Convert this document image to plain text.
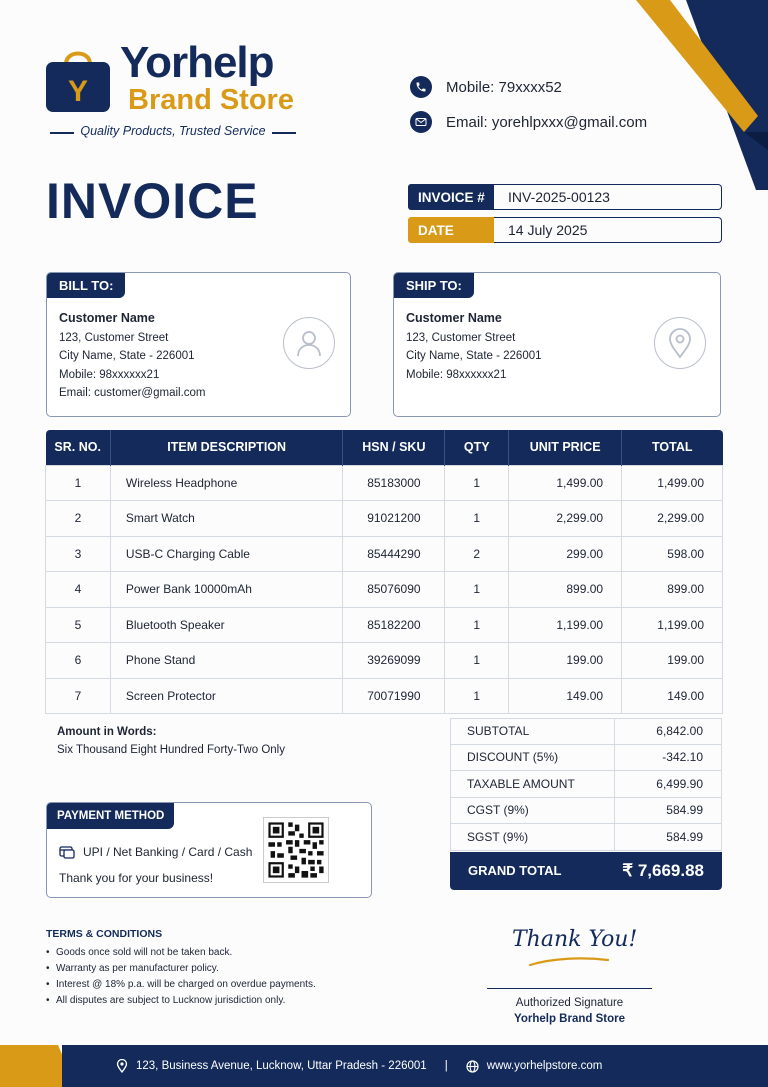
Y
Yorhelp
Brand Store
Quality Products, Trusted Service
Mobile: 79xxxx52
Email: yorehlpxxx@gmail.com
INVOICE	INVOICE #	INV-2025-00123
DATE	14 July 2025
BILL TO:
Customer Name
123, Customer Street
City Name, State - 226001
Mobile: 98xxxxxx21
Email: customer@gmail.com
SHIP TO:
Customer Name
123, Customer Street
City Name, State - 226001
Mobile: 98xxxxxx21
SR. NO.	ITEM DESCRIPTION	HSN / SKU	QTY	UNIT PRICE	TOTAL
1	Wireless Headphone	85183000	1	1,499.00	1,499.00
2	Smart Watch	91021200	1	2,299.00	2,299.00
3	USB-C Charging Cable	85444290	2	299.00	598.00
4	Power Bank 10000mAh	85076090	1	899.00	899.00
5	Bluetooth Speaker	85182200	1	1,199.00	1,199.00
6	Phone Stand	39269099	1	199.00	199.00
7	Screen Protector	70071990	1	149.00	149.00
Amount in Words:
Six Thousand Eight Hundred Forty-Two Only
PAYMENT METHOD
UPI / Net Banking / Card / Cash
Thank you for your business!
SUBTOTAL	6,842.00
DISCOUNT (5%)	-342.10
TAXABLE AMOUNT	6,499.90
CGST (9%)	584.99
SGST (9%)	584.99
GRAND TOTAL	₹ 7,669.88
TERMS & CONDITIONS
• Goods once sold will not be taken back.
• Warranty as per manufacturer policy.
• Interest @ 18% p.a. will be charged on overdue payments.
• All disputes are subject to Lucknow jurisdiction only.
Thank You!
Authorized Signature
Yorhelp Brand Store
123, Business Avenue, Lucknow, Uttar Pradesh - 226001 |	www.yorhelpstore.com
